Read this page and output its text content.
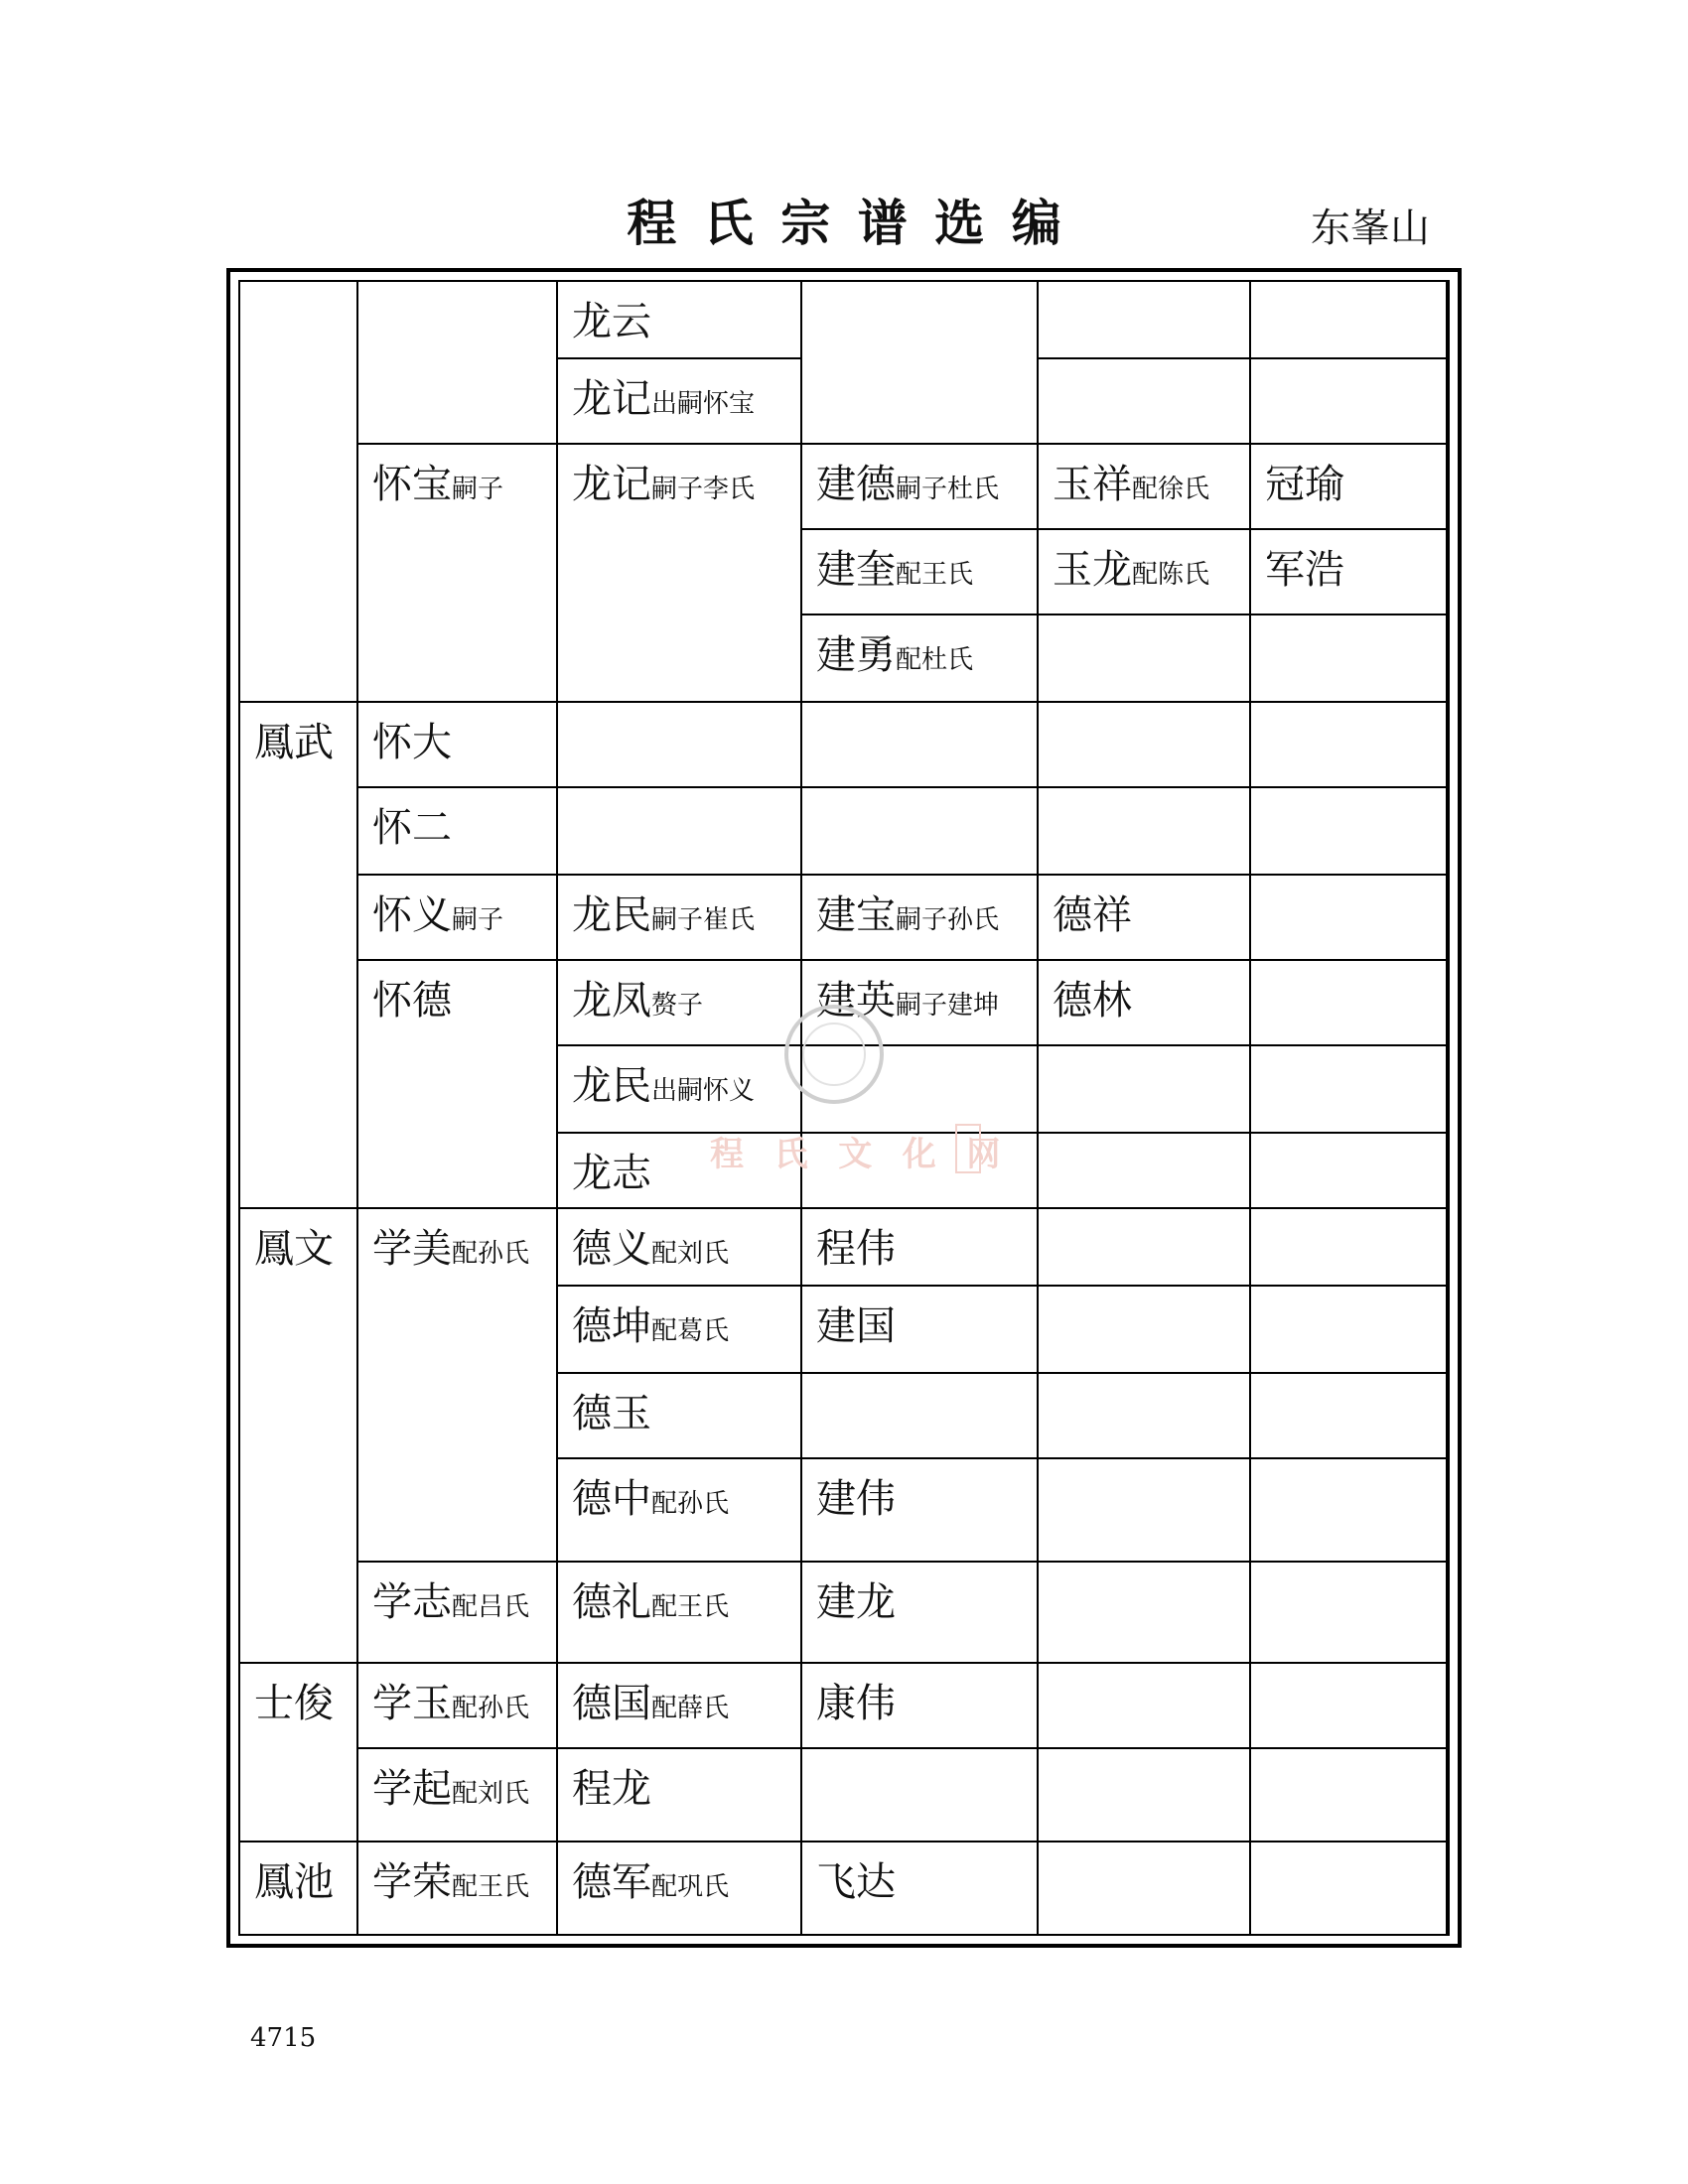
程氏宗谱选编	东峯山
鳳武
鳳文
士俊
鳳池
怀宝嗣子
怀大
怀二
怀义嗣子
怀德
学美配孙氏
学志配吕氏
学玉配孙氏
学起配刘氏
学荣配王氏
龙云
龙记出嗣怀宝
龙记嗣子李氏
龙民嗣子崔氏
龙凤赘子
龙民出嗣怀义
龙志
德义配刘氏
德坤配葛氏
德玉
德中配孙氏
德礼配王氏
德国配薛氏
程龙
德军配巩氏
建德嗣子杜氏
建奎配王氏
建勇配杜氏
建宝嗣子孙氏
建英嗣子建坤
程伟
建国
建伟
建龙
康伟
飞达
玉祥配徐氏
玉龙配陈氏
德祥
德林
冠瑜
军浩
程氏文化网
4715
